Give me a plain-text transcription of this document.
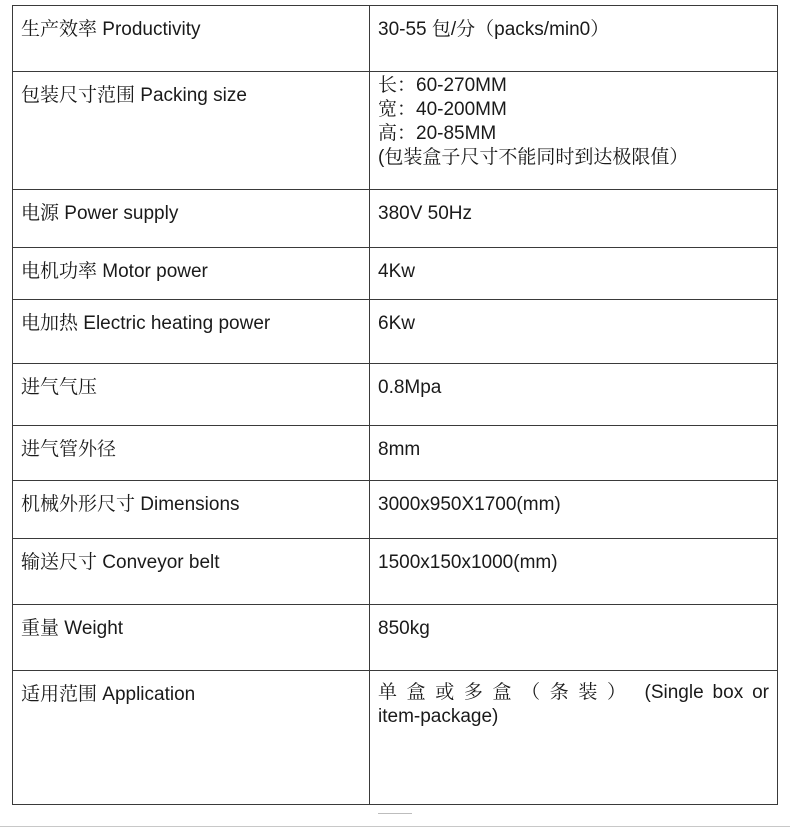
生产效率 Productivity	30-55 包/分（packs/min0）
包装尺寸范围 Packing size	长：60-270MM
宽：40-200MM
高：20-85MM
(包装盒子尺寸不能同时到达极限值）

电源 Power supply	380V 50Hz
电机功率 Motor power	4Kw
电加热 Electric heating power	6Kw
进气气压	0.8Mpa
进气管外径	8mm
机械外形尺寸 Dimensions	3000x950X1700(mm)
输送尺寸 Conveyor belt	1500x150x1000(mm)
重量 Weight	850kg
适用范围 Application	单盒或多盒（条装） (Single box or item-package)
